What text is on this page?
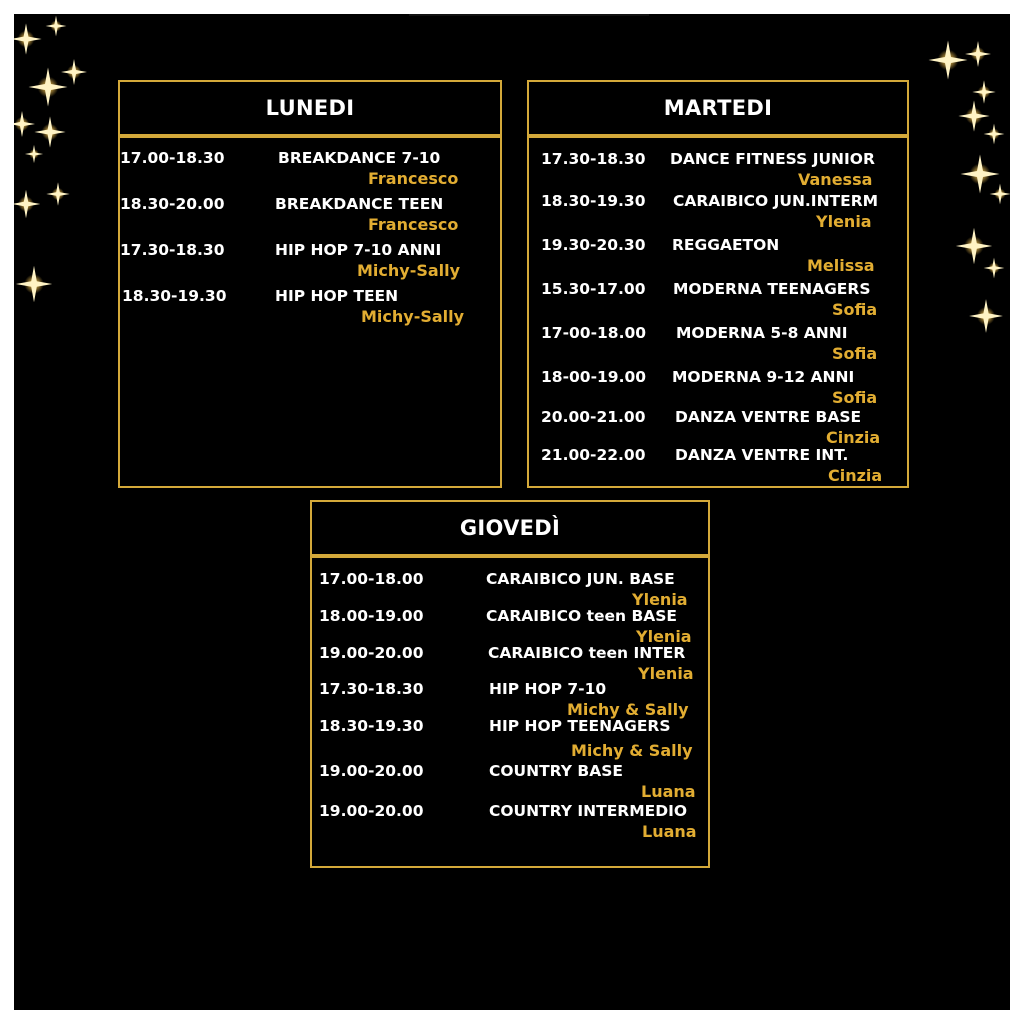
LUNEDI
17.00-18.30	BREAKDANCE 7-10
Francesco
18.30-20.00	BREAKDANCE TEEN
Francesco
17.30-18.30	HIP HOP 7-10 ANNI
Michy-Sally
18.30-19.30	HIP HOP TEEN
Michy-Sally
MARTEDI
17.30-18.30 DANCE FITNESS JUNIOR
Vanessa
18.30-19.30 CARAIBICO JUN.INTERM
Ylenia
19.30-20.30 REGGAETON
Melissa
15.30-17.00 MODERNA TEENAGERS
Sofia
17-00-18.00 MODERNA 5-8 ANNI
Sofia
18-00-19.00 MODERNA 9-12 ANNI
Sofia
20.00-21.00 DANZA VENTRE BASE
Cinzia
21.00-22.00 DANZA VENTRE INT.
Cinzia
GIOVEDÌ
17.00-18.00	CARAIBICO JUN. BASE
Ylenia
18.00-19.00	CARAIBICO teen BASE
Ylenia
19.00-20.00	CARAIBICO teen INTER
Ylenia
17.30-18.30	HIP HOP 7-10
Michy & Sally
18.30-19.30	HIP HOP TEENAGERS
Michy & Sally
19.00-20.00	COUNTRY BASE
Luana
19.00-20.00	COUNTRY INTERMEDIO
Luana
